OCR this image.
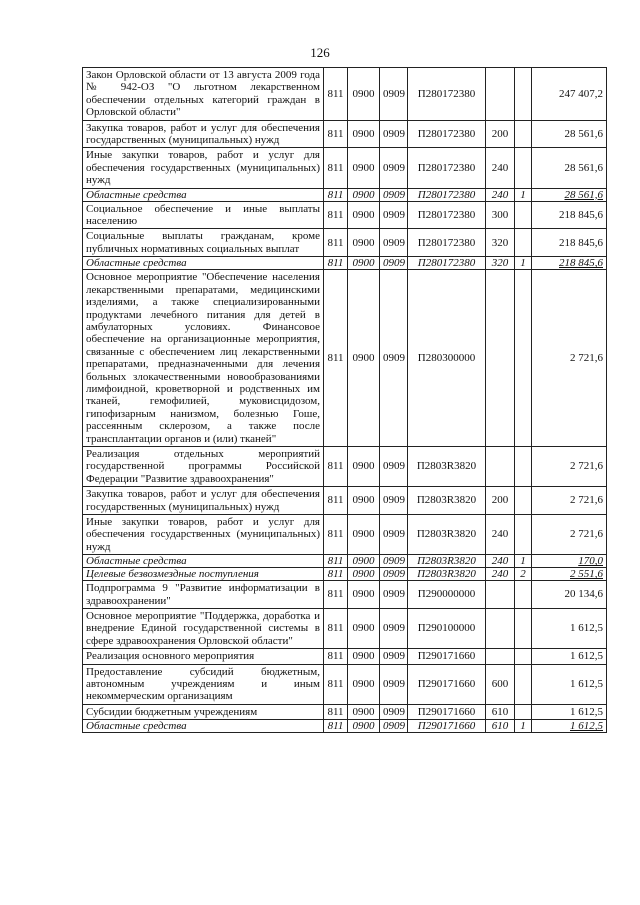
126
Закон Орловской области от 13 августа 2009 года № 942-ОЗ "О льготном лекарственном обеспечении отдельных категорий граждан в Орловской области"	811	0900	0909	П280172380			247 407,2
Закупка товаров, работ и услуг для обеспечения государственных (муниципальных) нужд	811	0900	0909	П280172380	200		28 561,6
Иные закупки товаров, работ и услуг для обеспечения государственных (муниципальных) нужд	811	0900	0909	П280172380	240		28 561,6
Областные средства	811	0900	0909	П280172380	240	1	28 561,6
Социальное обеспечение и иные выплаты населению	811	0900	0909	П280172380	300		218 845,6
Социальные выплаты гражданам, кроме публичных нормативных социальных выплат	811	0900	0909	П280172380	320		218 845,6
Областные средства	811	0900	0909	П280172380	320	1	218 845,6
Основное мероприятие "Обеспечение населения лекарственными препаратами, медицинскими изделиями, а также специализированными продуктами лечебного питания для детей в амбулаторных условиях. Финансовое обеспечение на организационные мероприятия, связанные с обеспечением лиц лекарственными препаратами, предназначенными для лечения больных злокачественными новообразованиями лимфоидной, кроветворной и родственных им тканей, гемофилией, муковисцидозом, гипофизарным нанизмом, болезнью Гоше, рассеянным склерозом, а также после трансплантации органов и (или) тканей"	811	0900	0909	П280300000			2 721,6
Реализация отдельных мероприятий государственной программы Российской Федерации "Развитие здравоохранения"	811	0900	0909	П2803R3820			2 721,6
Закупка товаров, работ и услуг для обеспечения государственных (муниципальных) нужд	811	0900	0909	П2803R3820	200		2 721,6
Иные закупки товаров, работ и услуг для обеспечения государственных (муниципальных) нужд	811	0900	0909	П2803R3820	240		2 721,6
Областные средства	811	0900	0909	П2803R3820	240	1	170,0
Целевые безвозмездные поступления	811	0900	0909	П2803R3820	240	2	2 551,6
Подпрограмма 9 "Развитие информатизации в здравоохранении"	811	0900	0909	П290000000			20 134,6
Основное мероприятие "Поддержка, доработка и внедрение Единой государственной системы в сфере здравоохранения Орловской области"	811	0900	0909	П290100000			1 612,5
Реализация основного мероприятия	811	0900	0909	П290171660			1 612,5
Предоставление субсидий бюджетным, автономным учреждениям и иным некоммерческим организациям	811	0900	0909	П290171660	600		1 612,5
Субсидии бюджетным учреждениям	811	0900	0909	П290171660	610		1 612,5
Областные средства	811	0900	0909	П290171660	610	1	1 612,5
